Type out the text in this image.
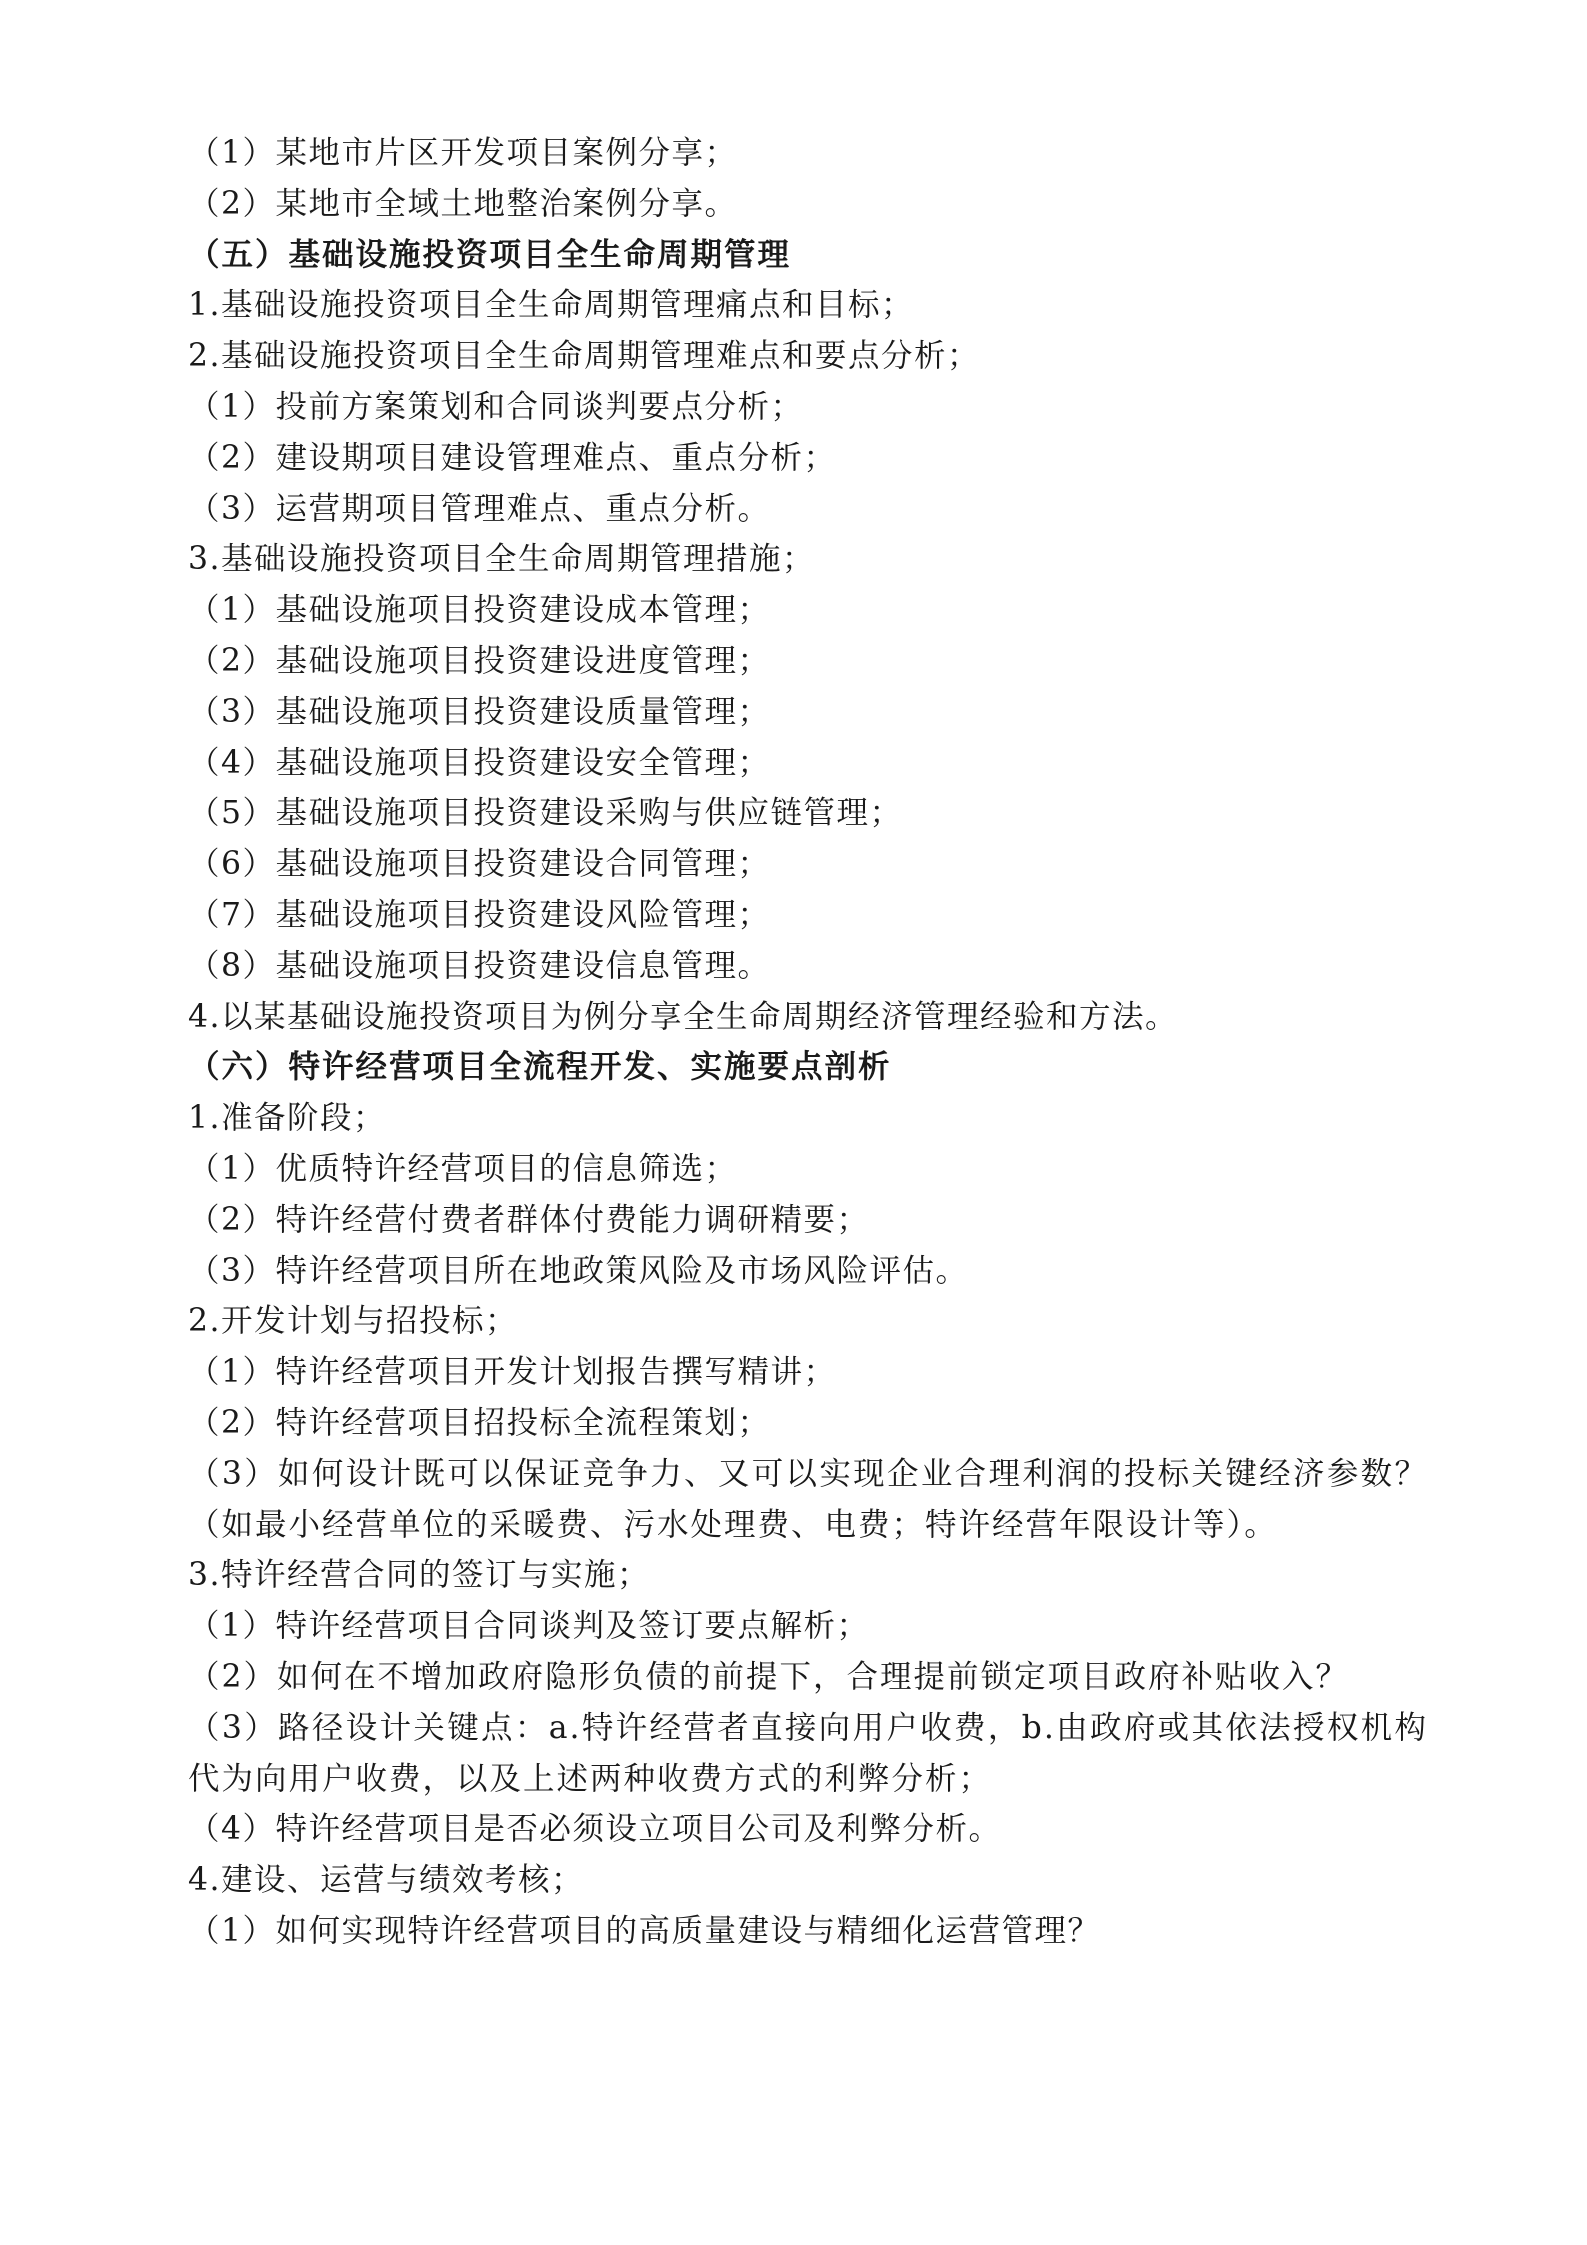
（1）某地市片区开发项目案例分享；

（2）某地市全域土地整治案例分享。

（五）基础设施投资项目全生命周期管理

1.基础设施投资项目全生命周期管理痛点和目标；

2.基础设施投资项目全生命周期管理难点和要点分析；

（1）投前方案策划和合同谈判要点分析；

（2）建设期项目建设管理难点、重点分析；

（3）运营期项目管理难点、重点分析。

3.基础设施投资项目全生命周期管理措施；

（1）基础设施项目投资建设成本管理；

（2）基础设施项目投资建设进度管理；

（3）基础设施项目投资建设质量管理；

（4）基础设施项目投资建设安全管理；

（5）基础设施项目投资建设采购与供应链管理；

（6）基础设施项目投资建设合同管理；

（7）基础设施项目投资建设风险管理；

（8）基础设施项目投资建设信息管理。

4.以某基础设施投资项目为例分享全生命周期经济管理经验和方法。

（六）特许经营项目全流程开发、实施要点剖析

1.准备阶段；

（1）优质特许经营项目的信息筛选；

（2）特许经营付费者群体付费能力调研精要；

（3）特许经营项目所在地政策风险及市场风险评估。

2.开发计划与招投标；

（1）特许经营项目开发计划报告撰写精讲；

（2）特许经营项目招投标全流程策划；

（3）如何设计既可以保证竞争力、又可以实现企业合理利润的投标关键经济参数？（如最小经营单位的采暖费、污水处理费、电费；特许经营年限设计等）。

3.特许经营合同的签订与实施；

（1）特许经营项目合同谈判及签订要点解析；

（2）如何在不增加政府隐形负债的前提下，合理提前锁定项目政府补贴收入？

（3）路径设计关键点：a.特许经营者直接向用户收费，b.由政府或其依法授权机构代为向用户收费，以及上述两种收费方式的利弊分析；

（4）特许经营项目是否必须设立项目公司及利弊分析。

4.建设、运营与绩效考核；

（1）如何实现特许经营项目的高质量建设与精细化运营管理？
